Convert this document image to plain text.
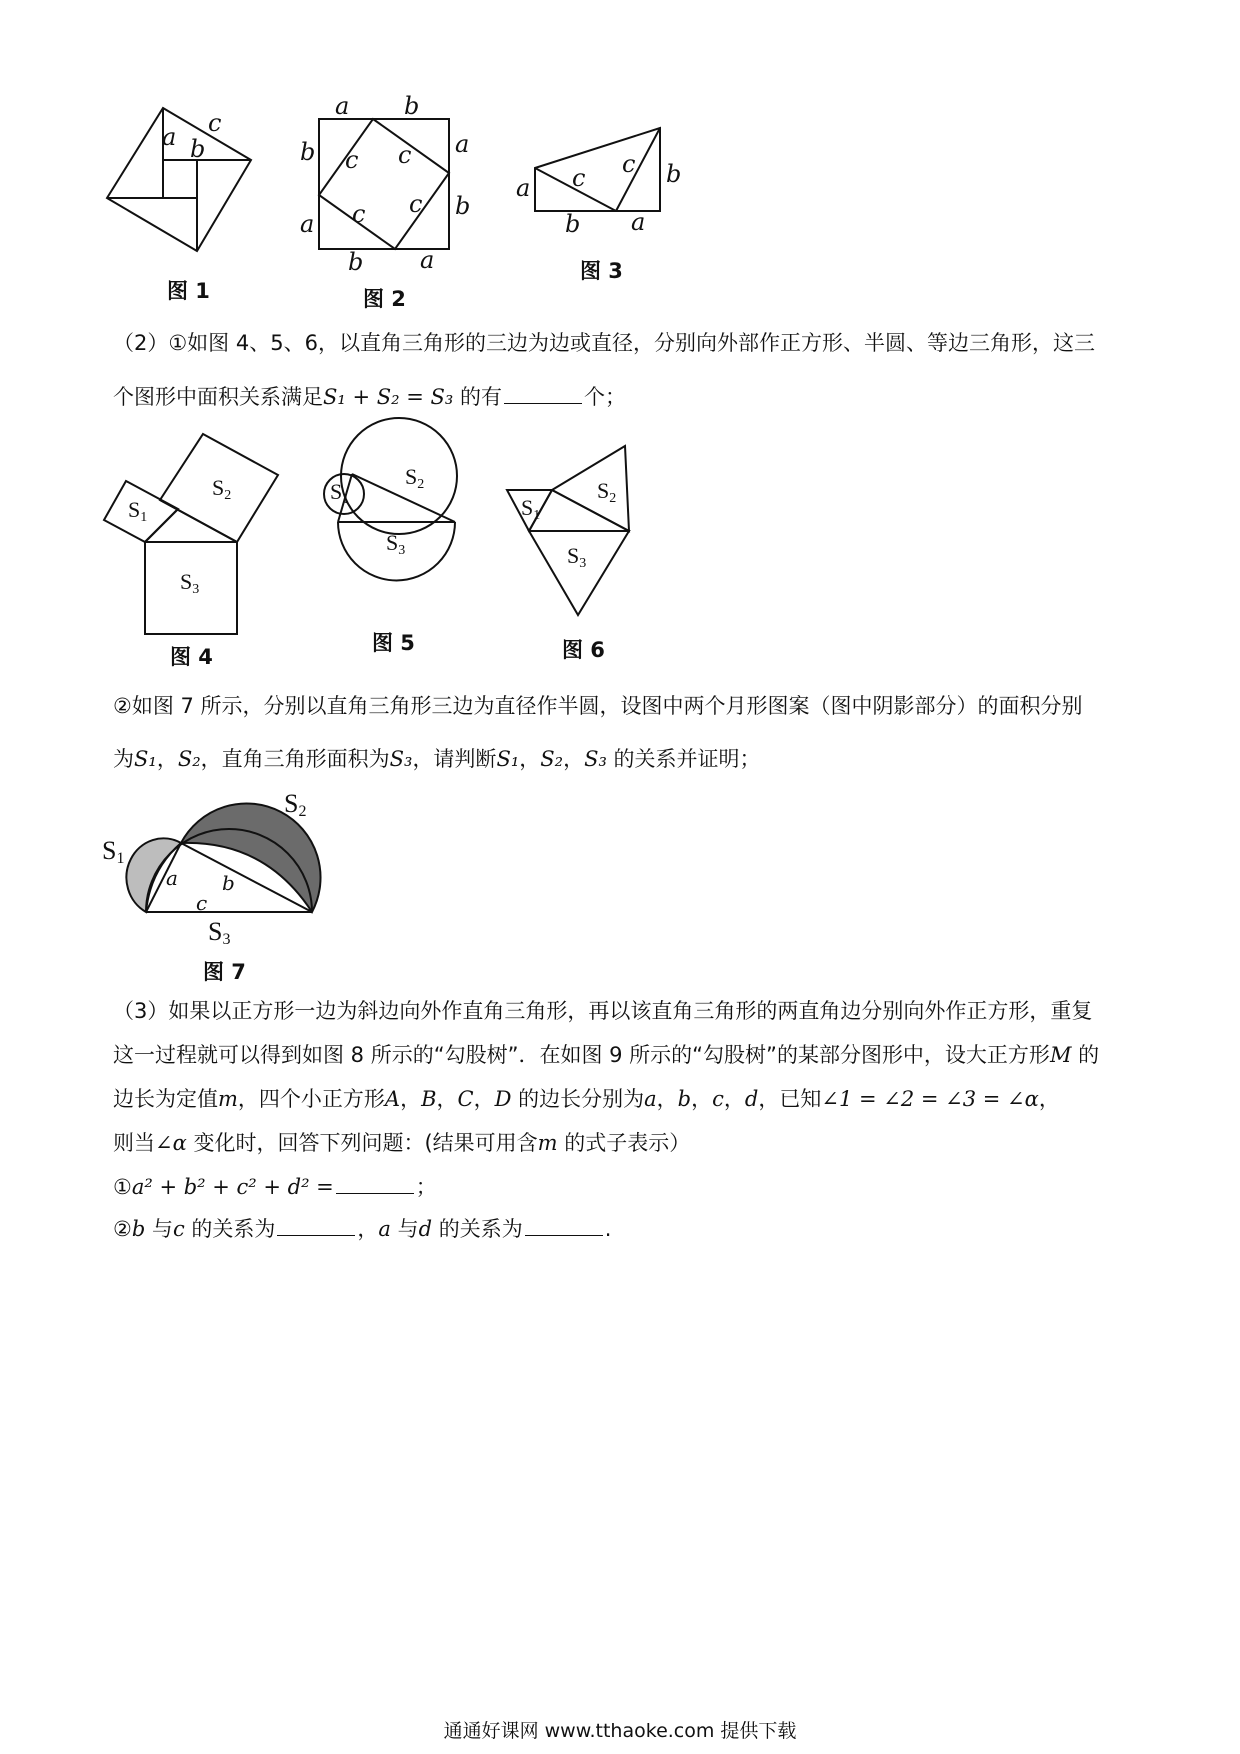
a b
c
a b
b
a
a
b
b a
c c
c c
a c c b
b a
S1
S2
S3
S1
S2
S3
S1
S2
S3
a b
c
S1
S2
S3
图 1	图 2
图 3
图 4
图 5	图 6
图 7
（2）①如图 4、5、6，以直角三角形的三边为边或直径，分别向外部作正方形、半圆、等边三角形，这三
个图形中面积关系满足S₁ + S₂ = S₃ 的有	个；
②如图 7 所示，分别以直角三角形三边为直径作半圆，设图中两个月形图案（图中阴影部分）的面积分别
为S₁，S₂，直角三角形面积为S₃，请判断S₁，S₂，S₃ 的关系并证明；
（3）如果以正方形一边为斜边向外作直角三角形，再以该直角三角形的两直角边分别向外作正方形，重复
这一过程就可以得到如图 8 所示的“勾股树”．在如图 9 所示的“勾股树”的某部分图形中，设大正方形M 的
边长为定值m，四个小正方形A，B，C，D 的边长分别为a，b，c，d，已知∠1 = ∠2 = ∠3 = ∠α，
则当∠α 变化时，回答下列问题：(结果可用含m 的式子表示）
①a² + b² + c² + d² =	；
②b 与c 的关系为	，a 与d 的关系为	.
通通好课网 www.tthaoke.com 提供下载
